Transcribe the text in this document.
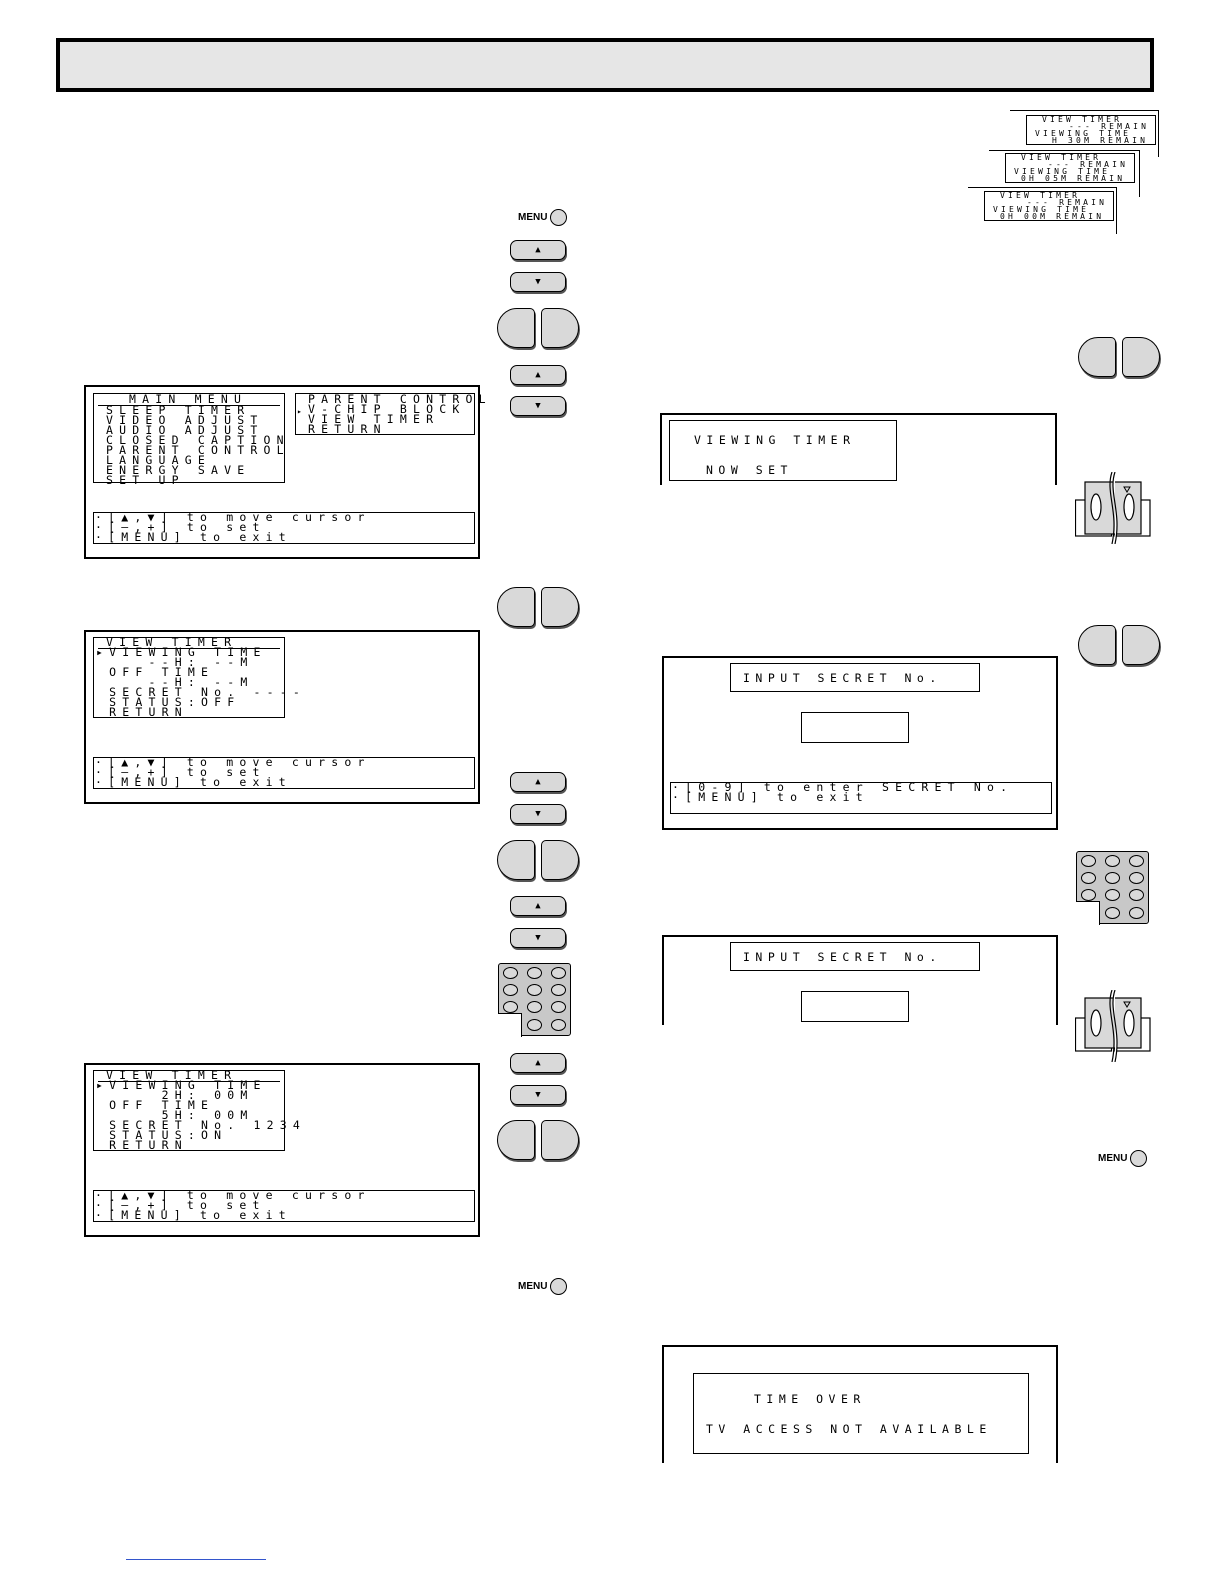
MAIN MENU
SLEEP TIMER
VIDEO ADJUST
AUDIO ADJUST
CLOSED CAPTION
PARENT CONTROL
LANGUAGE
ENERGY SAVE
SET UP
PARENT CONTROL
V-CHIP BLOCK
▸
VIEW TIMER
RETURN
·[▲,▼] to move cursor
·[–,+] to set
·[MENU] to exit
VIEW TIMER
▸VIEWING TIME
--H: --M
OFF TIME
--H: --M
SECRET No. ----
STATUS:OFF
RETURN
·[▲,▼] to move cursor
·[–,+] to set
·[MENU] to exit
VIEW TIMER
▸VIEWING TIME
2H: 00M
OFF TIME
5H: 00M
SECRET No. 1234
STATUS:ON
RETURN
·[▲,▼] to move cursor
·[–,+] to set
·[MENU] to exit
MENU
▲
▼
▲
▼
▲
▼
▲
▼
▲
▼
MENU
VIEW TIMER
--- REMAIN
VIEWING TIME
H 30M REMAIN
VIEW TIMER
--- REMAIN
VIEWING TIME
0H 05M REMAIN
VIEW TIMER
--- REMAIN
VIEWING TIME
0H 00M REMAIN
VIEWING TIMER
NOW SET
INPUT SECRET No.
·[0-9] to enter SECRET No.
·[MENU] to exit
INPUT SECRET No.
MENU
TIME OVER
TV ACCESS NOT AVAILABLE
